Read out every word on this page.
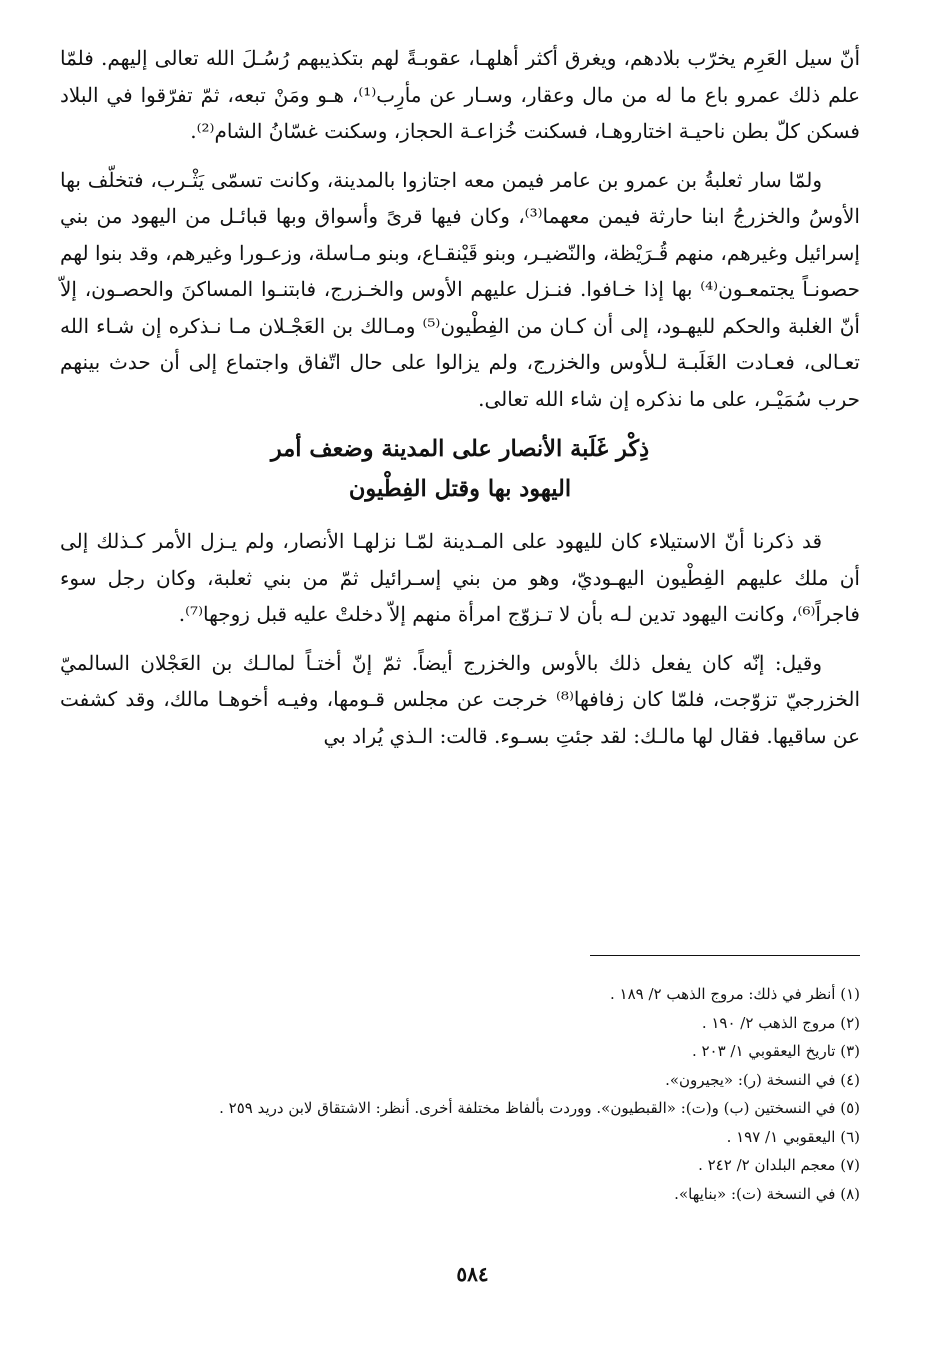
أنّ سيل العَرِم يخرّب بلادهم، ويغرق أكثر أهلهـا، عقوبـةً لهم بتكذيبهم رُسُـلَ الله تعالى إليهم. فلمّا علم ذلك عمرو باع ما له من مال وعقار، وسـار عن مأرِب⁽¹⁾، هـو ومَنْ تبعه، ثمّ تفرّقوا في البلاد فسكن كلّ بطن ناحيـة اختاروهـا، فسكنت خُزاعـة الحجاز، وسكنت غسّانُ الشام⁽²⁾.

ولمّا سار ثعلبةُ بن عمرو بن عامر فيمن معه اجتازوا بالمدينة، وكانت تسمّى يَثْـرب، فتخلّف بها الأوسُ والخزرجُ ابنا حارثة فيمن معهما⁽³⁾، وكان فيها قرىً وأسواق وبها قبائـل من اليهود من بني إسرائيل وغيرهم، منهم قُـرَيْظة، والنّضيـر، وبنو قَيْنقـاع، وبنو مـاسلة، وزعـورا وغيرهم، وقد بنوا لهم حصونـاً يجتمعـون⁽⁴⁾ بها إذا خـافوا. فنـزل عليهم الأوس والخـزرج، فابتنـوا المساكنَ والحصـون، إلاّ أنّ الغلبة والحكم لليهـود، إلى أن كـان من الفِطْيون⁽⁵⁾ ومـالك بن العَجْـلان مـا نـذكره إن شـاء الله تعـالى، فعـادت الغَلَبـة لـلأوس والخزرج، ولم يزالوا على حال اتّفاق واجتماع إلى أن حدث بينهم حرب سُمَيْـر، على ما نذكره إن شاء الله تعالى.

ذِكْر غَلَبة الأنصار على المدينة وضعف أمر
اليهود بها وقتل الفِطْيون

قد ذكرنا أنّ الاستيلاء كان لليهود على المـدينة لمّـا نزلهـا الأنصار، ولم يـزل الأمر كـذلك إلى أن ملك عليهم الفِطْيون اليهـوديّ، وهو من بني إسـرائيل ثمّ من بني ثعلبة، وكان رجل سوء فاجراً⁽⁶⁾، وكانت اليهود تدين لـه بأن لا تـزوّج امرأة منهم إلاّ دخلتْ عليه قبل زوجها⁽⁷⁾.

وقيل: إنّه كان يفعل ذلك بالأوس والخزرج أيضاً. ثمّ إنّ أختـاً لمالـك بن العَجْلان السالميّ الخزرجيّ تزوّجت، فلمّا كان زفافها⁽⁸⁾ خرجت عن مجلس قـومها، وفيـه أخوهـا مالك، وقد كشفت عن ساقيها. فقال لها مالـك: لقد جئتِ بسـوء. قالت: الـذي يُراد بي

(١) أنظر في ذلك: مروج الذهب ٢/ ١٨٩ .
(٢) مروج الذهب ٢/ ١٩٠ .
(٣) تاريخ اليعقوبي ١/ ٢٠٣ .
(٤) في النسخة (ر): «يجيرون».
(٥) في النسختين (ب) و(ت): «القبطيون». ووردت بألفاظ مختلفة أخرى. أنظر: الاشتقاق لابن دريد ٢٥٩ .
(٦) اليعقوبي ١/ ١٩٧ .
(٧) معجم البلدان ٢/ ٢٤٢ .
(٨) في النسخة (ت): «بنايها».
٥٨٤
